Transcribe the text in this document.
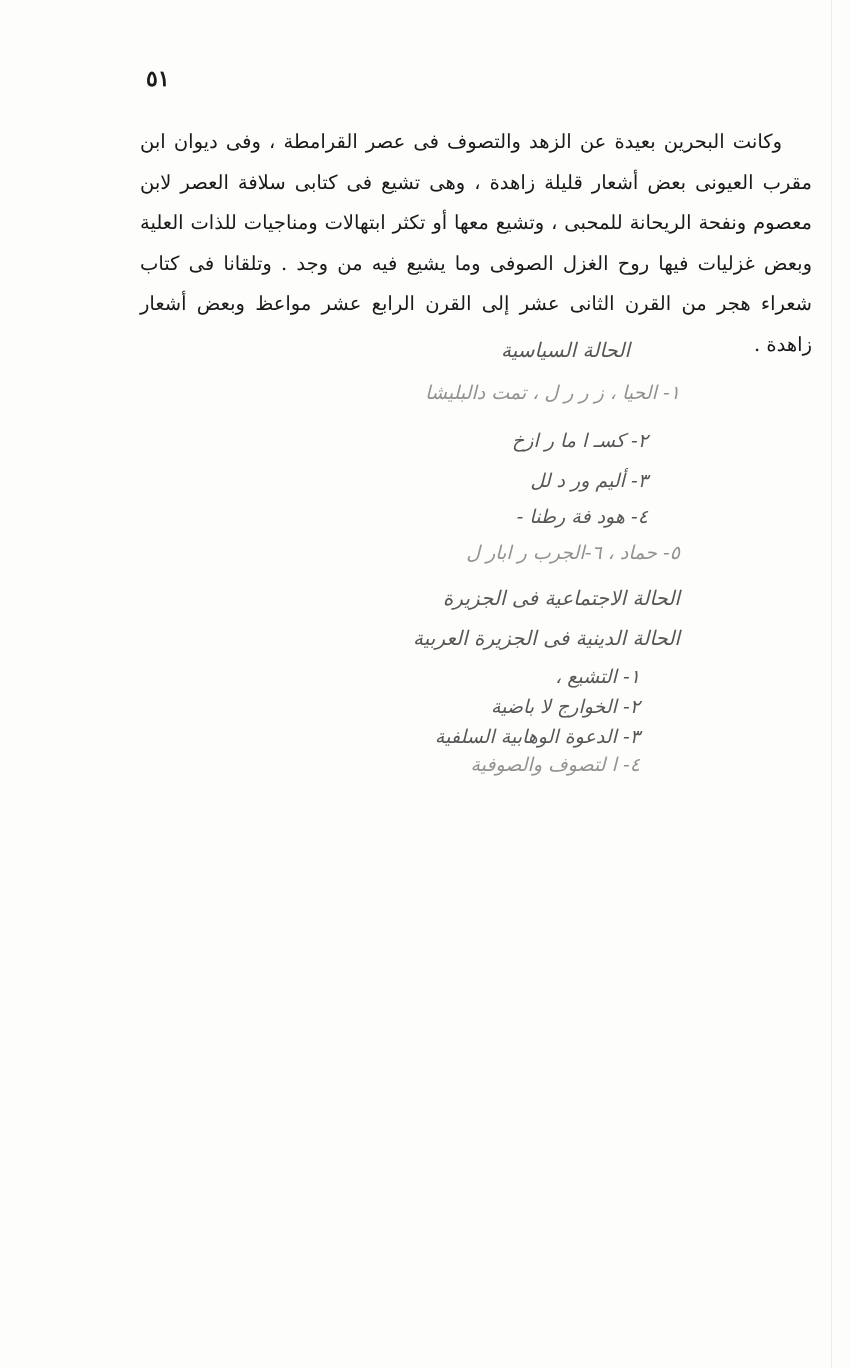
٥١

وكانت البحرين بعيدة عن الزهد والتصوف فى عصر القرامطة ، وفى ديوان ابن مقرب العيونى بعض أشعار قليلة زاهدة ، وهى تشيع فى كتابى سلافة العصر لابن معصوم ونفحة الريحانة للمحبى ، وتشيع معها أو تكثر ابتهالات ومناجيات للذات العلية وبعض غزليات فيها روح الغزل الصوفى وما يشيع فيه من وجد . وتلقانا فى كتاب شعراء هجر من القرن الثانى عشر إلى القرن الرابع عشر مواعظ وبعض أشعار زاهدة .

الحالة السياسية
١- الحيا ، ز ر ر ل ، تمت دالبليشا
٢- كسـ ا ما ر ازخ
٣- أليم ور د لل
٤- هود فة رطنا -
٥- حماد ، ٦-الجرب ر ابار ل
الحالة الاجتماعية فى الجزيرة
الحالة الدينية فى الجزيرة العربية
١- التشيع ،
٢- الخوارج لا باضية
٣- الدعوة الوهابية السلفية
٤- ا لتصوف والصوفية
